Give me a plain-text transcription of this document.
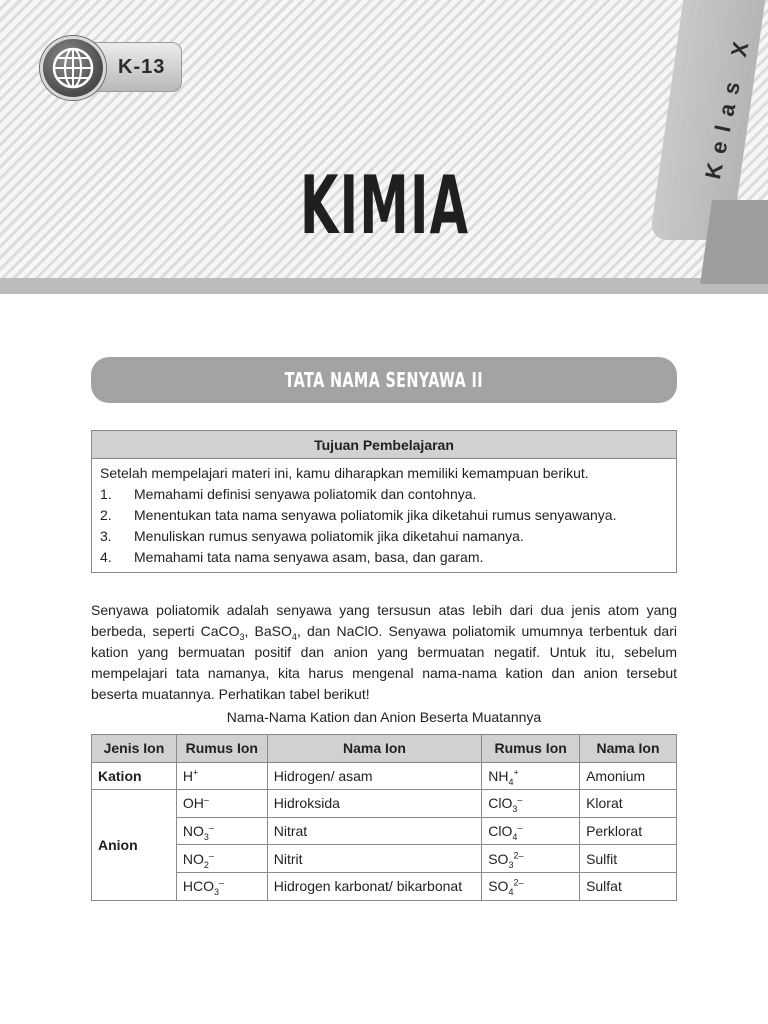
K-13
KIMIA
Kelas X
TATA NAMA SENYAWA II
Tujuan Pembelajaran
Setelah mempelajari materi ini, kamu diharapkan memiliki kemampuan berikut.
1.	Memahami definisi senyawa poliatomik dan contohnya.
2.	Menentukan tata nama senyawa poliatomik jika diketahui rumus senyawanya.
3.	Menuliskan rumus senyawa poliatomik jika diketahui namanya.
4.	Memahami tata nama senyawa asam, basa, dan garam.
Senyawa poliatomik adalah senyawa yang tersusun atas lebih dari dua jenis atom yang berbeda, seperti CaCO$_3$, BaSO$_4$, dan NaClO. Senyawa poliatomik umumnya terbentuk dari kation yang bermuatan positif dan anion yang bermuatan negatif. Untuk itu, sebelum mempelajari tata namanya, kita harus mengenal nama-nama kation dan anion tersebut beserta muatannya. Perhatikan tabel berikut!
Nama-Nama Kation dan Anion Beserta Muatannya
Jenis Ion	Rumus Ion	Nama Ion	Rumus Ion	Nama Ion
Kation	H+	Hidrogen/ asam	$NH_4^+$	Amonium
Anion	OH–	Hidroksida	ClO$_3$–	Klorat
	$NO_3^-$	Nitrat	ClO$_4$–	Perklorat
	$NO_2^-$	Nitrit	$SO_3^{2-}$	Sulfit
	$HCO_3^-$	Hidrogen karbonat/ bikarbonat	$SO_4^{2-}$	Sulfat
